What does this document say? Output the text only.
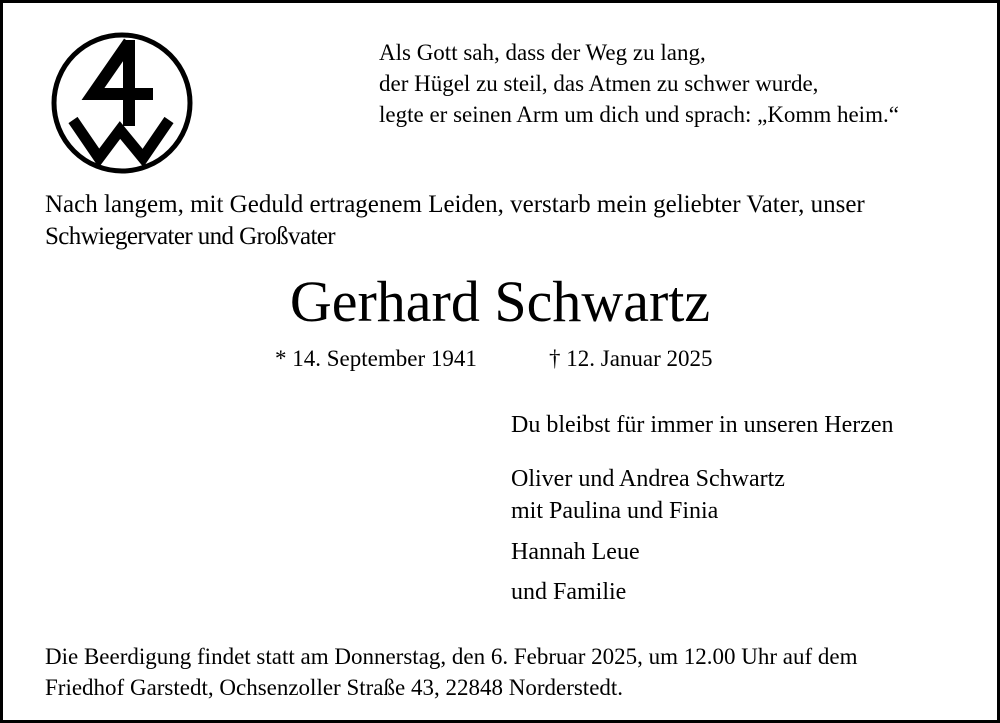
Als Gott sah, dass der Weg zu lang,
der Hügel zu steil, das Atmen zu schwer wurde,
legte er seinen Arm um dich und sprach: „Komm heim.“
Nach langem, mit Geduld ertragenem Leiden, verstarb mein geliebter Vater, unser
Schwiegervater und Großvater
Gerhard Schwartz
* 14. September 1941	† 12. Januar 2025
Du bleibst für immer in unseren Herzen
Oliver und Andrea Schwartz
mit Paulina und Finia
Hannah Leue
und Familie
Die Beerdigung findet statt am Donnerstag, den 6. Februar 2025, um 12.00 Uhr auf dem
Friedhof Garstedt, Ochsenzoller Straße 43, 22848 Norderstedt.
